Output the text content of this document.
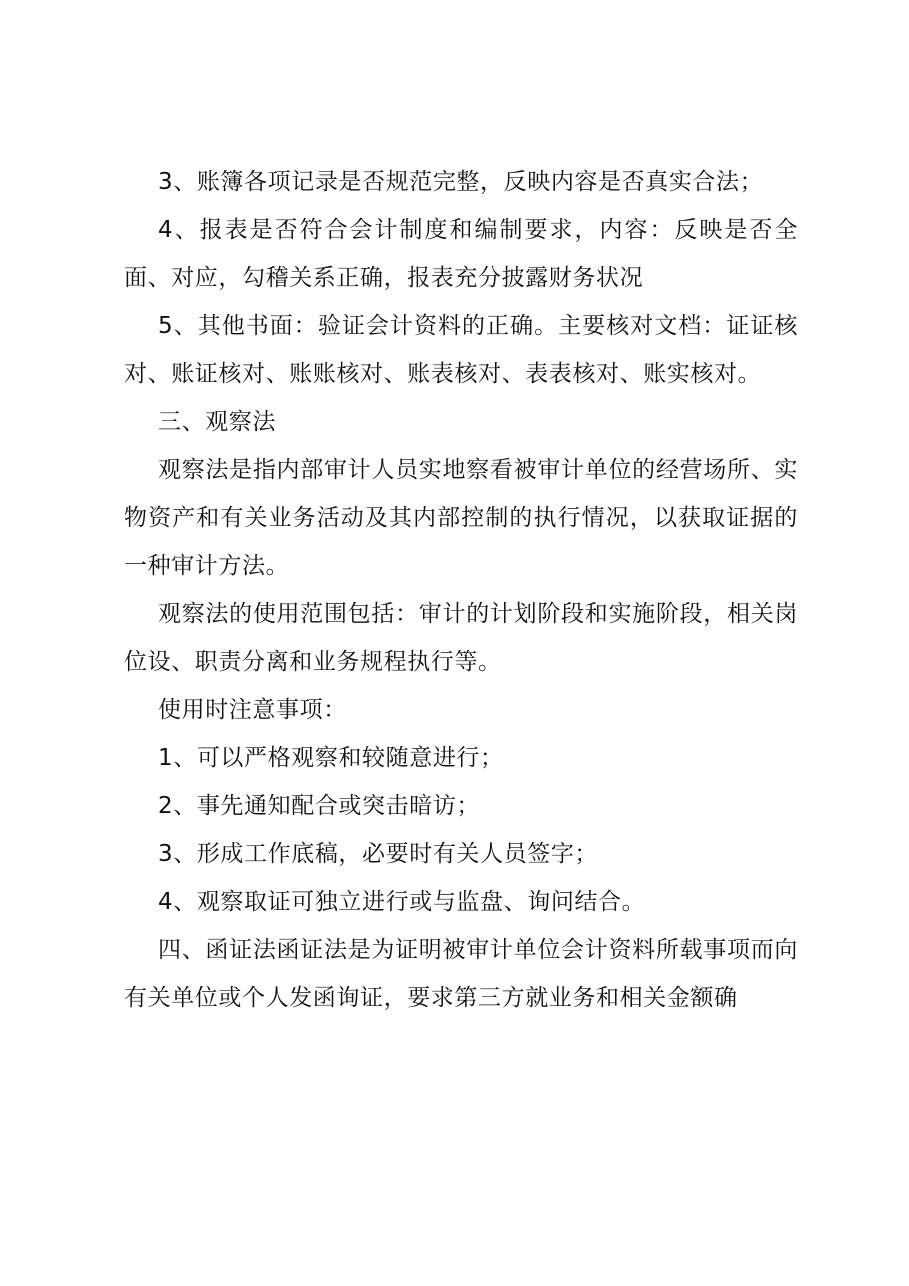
3、账簿各项记录是否规范完整，反映内容是否真实合法；

4、报表是否符合会计制度和编制要求，内容：反映是否全面、对应，勾稽关系正确，报表充分披露财务状况

5、其他书面：验证会计资料的正确。主要核对文档：证证核对、账证核对、账账核对、账表核对、表表核对、账实核对。

三、观察法

观察法是指内部审计人员实地察看被审计单位的经营场所、实物资产和有关业务活动及其内部控制的执行情况，以获取证据的一种审计方法。

观察法的使用范围包括：审计的计划阶段和实施阶段，相关岗位设、职责分离和业务规程执行等。

使用时注意事项：

1、可以严格观察和较随意进行；

2、事先通知配合或突击暗访；

3、形成工作底稿，必要时有关人员签字；

4、观察取证可独立进行或与监盘、询问结合。

四、函证法函证法是为证明被审计单位会计资料所载事项而向有关单位或个人发函询证，要求第三方就业务和相关金额确
